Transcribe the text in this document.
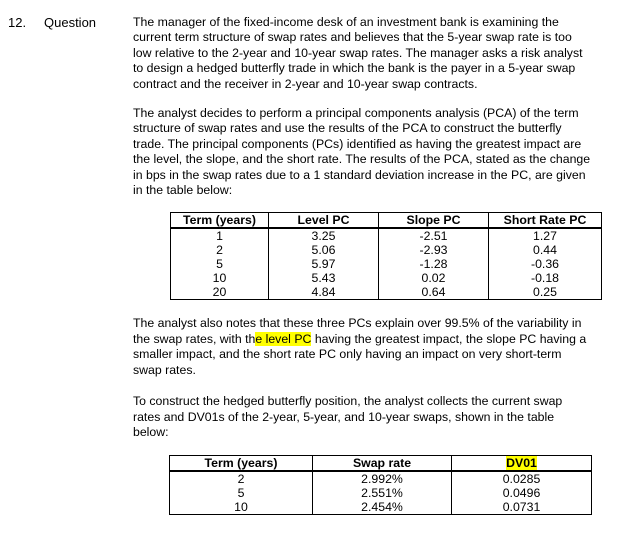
12. Question	The manager of the fixed-income desk of an investment bank is examining the
current term structure of swap rates and believes that the 5-year swap rate is too
low relative to the 2-year and 10-year swap rates. The manager asks a risk analyst
to design a hedged butterfly trade in which the bank is the payer in a 5-year swap
contract and the receiver in 2-year and 10-year swap contracts.

The analyst decides to perform a principal components analysis (PCA) of the term
structure of swap rates and use the results of the PCA to construct the butterfly
trade. The principal components (PCs) identified as having the greatest impact are
the level, the slope, and the short rate. The results of the PCA, stated as the change
in bps in the swap rates due to a 1 standard deviation increase in the PC, are given
in the table below:

Term (years)	Level PC	Slope PC	Short Rate PC
1	3.25	-2.51	1.27
2	5.06	-2.93	0.44
5	5.97	-1.28	-0.36
10	5.43	0.02	-0.18
20	4.84	0.64	0.25

The analyst also notes that these three PCs explain over 99.5% of the variability in
the swap rates, with the level PC having the greatest impact, the slope PC having a
smaller impact, and the short rate PC only having an impact on very short-term
swap rates.

To construct the hedged butterfly position, the analyst collects the current swap
rates and DV01s of the 2-year, 5-year, and 10-year swaps, shown in the table
below:

Term (years)	Swap rate	DV01
2	2.992%	0.0285
5	2.551%	0.0496
10	2.454%	0.0731
